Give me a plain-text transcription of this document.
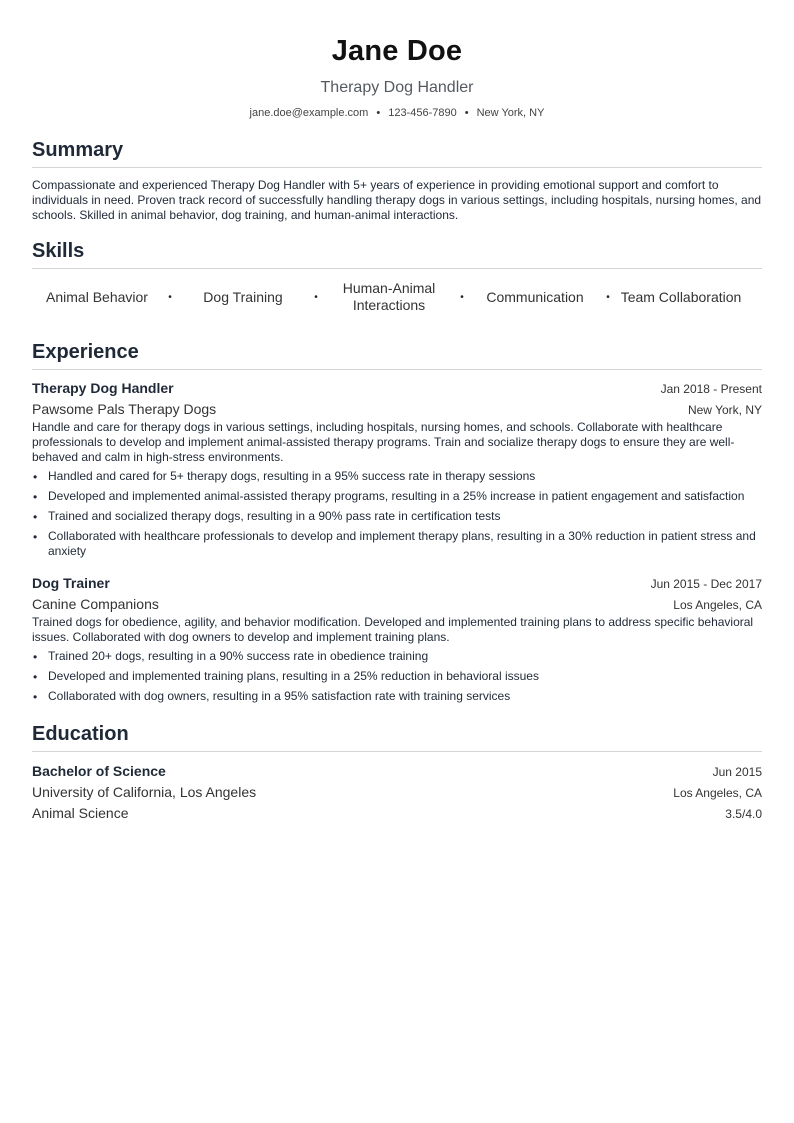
Jane Doe
Therapy Dog Handler
jane.doe@example.com • 123-456-7890 • New York, NY
Summary
Compassionate and experienced Therapy Dog Handler with 5+ years of experience in providing emotional support and comfort to individuals in need. Proven track record of successfully handling therapy dogs in various settings, including hospitals, nursing homes, and schools. Skilled in animal behavior, dog training, and human-animal interactions.
Skills
Animal Behavior	•	Dog Training	•
Human-Animal Interactions	•	Communication	• Team Collaboration
Experience
Therapy Dog Handler	Jan 2018 - Present
Pawsome Pals Therapy Dogs	New York, NY
Handle and care for therapy dogs in various settings, including hospitals, nursing homes, and schools. Collaborate with healthcare professionals to develop and implement animal-assisted therapy programs. Train and socialize therapy dogs to ensure they are well-behaved and calm in high-stress environments.
• Handled and cared for 5+ therapy dogs, resulting in a 95% success rate in therapy sessions
• Developed and implemented animal-assisted therapy programs, resulting in a 25% increase in patient engagement and satisfaction
• Trained and socialized therapy dogs, resulting in a 90% pass rate in certification tests
• Collaborated with healthcare professionals to develop and implement therapy plans, resulting in a 30% reduction in patient stress and anxiety
Dog Trainer	Jun 2015 - Dec 2017
Canine Companions	Los Angeles, CA
Trained dogs for obedience, agility, and behavior modification. Developed and implemented training plans to address specific behavioral issues. Collaborated with dog owners to develop and implement training plans.
• Trained 20+ dogs, resulting in a 90% success rate in obedience training
• Developed and implemented training plans, resulting in a 25% reduction in behavioral issues
• Collaborated with dog owners, resulting in a 95% satisfaction rate with training services
Education
Bachelor of Science	Jun 2015
University of California, Los Angeles	Los Angeles, CA
Animal Science	3.5/4.0
